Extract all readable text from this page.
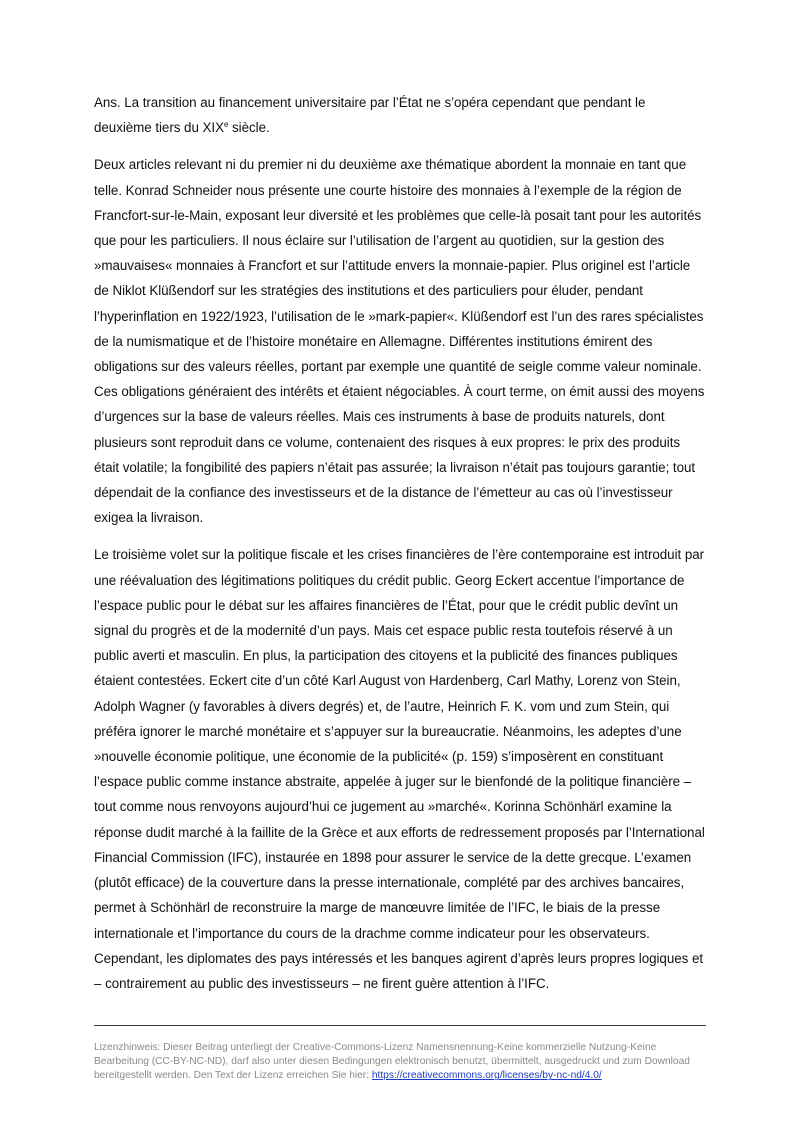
Ans. La transition au financement universitaire par l’État ne s’opéra cependant que pendant le deuxième tiers du XIXe siècle.

Deux articles relevant ni du premier ni du deuxième axe thématique abordent la monnaie en tant que telle. Konrad Schneider nous présente une courte histoire des monnaies à l’exemple de la région de Francfort-sur-le-Main, exposant leur diversité et les problèmes que celle-là posait tant pour les autorités que pour les particuliers. Il nous éclaire sur l’utilisation de l’argent au quotidien, sur la gestion des »mauvaises« monnaies à Francfort et sur l’attitude envers la monnaie-papier. Plus originel est l’article de Niklot Klüßendorf sur les stratégies des institutions et des particuliers pour éluder, pendant l’hyperinflation en 1922/1923, l’utilisation de le »mark-papier«. Klüßendorf est l’un des rares spécialistes de la numismatique et de l’histoire monétaire en Allemagne. Différentes institutions émirent des obligations sur des valeurs réelles, portant par exemple une quantité de seigle comme valeur nominale. Ces obligations généraient des intérêts et étaient négociables. À court terme, on émit aussi des moyens d’urgences sur la base de valeurs réelles. Mais ces instruments à base de produits naturels, dont plusieurs sont reproduit dans ce volume, contenaient des risques à eux propres: le prix des produits était volatile; la fongibilité des papiers n’était pas assurée; la livraison n’était pas toujours garantie; tout dépendait de la confiance des investisseurs et de la distance de l’émetteur au cas où l’investisseur exigea la livraison.

Le troisième volet sur la politique fiscale et les crises financières de l’ère contemporaine est introduit par une réévaluation des légitimations politiques du crédit public. Georg Eckert accentue l’importance de l’espace public pour le débat sur les affaires financières de l’État, pour que le crédit public devînt un signal du progrès et de la modernité d’un pays. Mais cet espace public resta toutefois réservé à un public averti et masculin. En plus, la participation des citoyens et la publicité des finances publiques étaient contestées. Eckert cite d’un côté Karl August von Hardenberg, Carl Mathy, Lorenz von Stein, Adolph Wagner (y favorables à divers degrés) et, de l’autre, Heinrich F. K. vom und zum Stein, qui préféra ignorer le marché monétaire et s’appuyer sur la bureaucratie. Néanmoins, les adeptes d’une »nouvelle économie politique, une économie de la publicité« (p. 159) s’imposèrent en constituant l’espace public comme instance abstraite, appelée à juger sur le bienfondé de la politique financière – tout comme nous renvoyons aujourd’hui ce jugement au »marché«. Korinna Schönhärl examine la réponse dudit marché à la faillite de la Grèce et aux efforts de redressement proposés par l’International Financial Commission (IFC), instaurée en 1898 pour assurer le service de la dette grecque. L’examen (plutôt efficace) de la couverture dans la presse internationale, complété par des archives bancaires, permet à Schönhärl de reconstruire la marge de manœuvre limitée de l’IFC, le biais de la presse internationale et l’importance du cours de la drachme comme indicateur pour les observateurs. Cependant, les diplomates des pays intéressés et les banques agirent d’après leurs propres logiques et – contrairement au public des investisseurs – ne firent guère attention à l’IFC.

Lizenzhinweis: Dieser Beitrag unterliegt der Creative-Commons-Lizenz Namensnennung-Keine kommerzielle Nutzung-Keine Bearbeitung (CC-BY-NC-ND), darf also unter diesen Bedingungen elektronisch benutzt, übermittelt, ausgedruckt und zum Download bereitgestellt werden. Den Text der Lizenz erreichen Sie hier: https://creativecommons.org/licenses/by-nc-nd/4.0/
